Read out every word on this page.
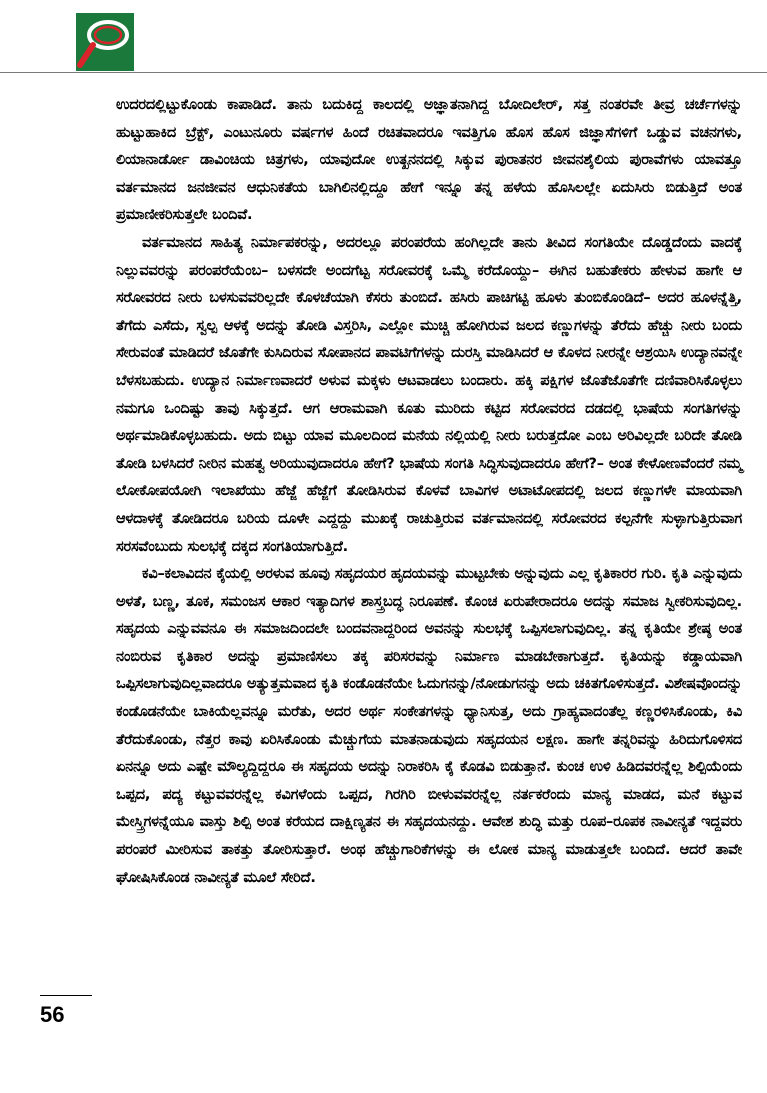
ಉದರದಲ್ಲಿಟ್ಟುಕೊಂಡು ಕಾಪಾಡಿದೆ. ತಾನು ಬದುಕಿದ್ದ ಕಾಲದಲ್ಲಿ ಅಜ್ಞಾತನಾಗಿದ್ದ ಬೋದಿಲೇರ್, ಸತ್ತ ನಂತರವೇ ತೀವ್ರ ಚರ್ಚೆಗಳನ್ನು ಹುಟ್ಟುಹಾಕಿದ ಬ್ರೆಕ್ಟ್, ಎಂಟುನೂರು ವರ್ಷಗಳ ಹಿಂದೆ ರಚಿತವಾದರೂ ಇವತ್ತಿಗೂ ಹೊಸ ಹೊಸ ಜಿಜ್ಞಾಸೆಗಳಿಗೆ ಒಡ್ಡುವ ವಚನಗಳು, ಲಿಯಾನಾರ್ಡೋ ಡಾವಿಂಚಿಯ ಚಿತ್ರಗಳು, ಯಾವುದೋ ಉತ್ಖನನದಲ್ಲಿ ಸಿಕ್ಕುವ ಪುರಾತನರ ಜೀವನಶೈಲಿಯ ಪುರಾವೆಗಳು ಯಾವತ್ತೂ ವರ್ತಮಾನದ ಜನಜೀವನ ಆಧುನಿಕತೆಯ ಬಾಗಿಲಿನಲ್ಲಿದ್ದೂ ಹೇಗೆ ಇನ್ನೂ ತನ್ನ ಹಳೆಯ ಹೊಸಿಲಲ್ಲೇ ಏದುಸಿರು ಬಿಡುತ್ತಿದೆ ಅಂತ ಪ್ರಮಾಣೀಕರಿಸುತ್ತಲೇ ಬಂದಿವೆ.

ವರ್ತಮಾನದ ಸಾಹಿತ್ಯ ನಿರ್ಮಾಪಕರನ್ನು, ಅದರಲ್ಲೂ ಪರಂಪರೆಯ ಹಂಗಿಲ್ಲದೇ ತಾನು ತೀವಿದ ಸಂಗತಿಯೇ ದೊಡ್ಡದೆಂದು ವಾದಕ್ಕೆ ನಿಲ್ಲುವವರನ್ನು ಪರಂಪರೆಯೆಂಬ– ಬಳಸದೇ ಅಂದಗೆಟ್ಟ ಸರೋವರಕ್ಕೆ ಒಮ್ಮೆ ಕರೆದೊಯ್ದು– ಈಗಿನ ಬಹುತೇಕರು ಹೇಳುವ ಹಾಗೇ ಆ ಸರೋವರದ ನೀರು ಬಳಸುವವರಿಲ್ಲದೇ ಕೊಳಚೆಯಾಗಿ ಕೆಸರು ತುಂಬಿದೆ. ಹಸಿರು ಪಾಚಿಗಟ್ಟಿ ಹೂಳು ತುಂಬಿಕೊಂಡಿದೆ– ಅದರ ಹೂಳನ್ನೆತ್ತಿ, ತೆಗೆದು ಎಸೆದು, ಸ್ವಲ್ಪ ಆಳಕ್ಕೆ ಅದನ್ನು ತೋಡಿ ವಿಸ್ತರಿಸಿ, ಎಲ್ಲೋ ಮುಚ್ಚಿ ಹೋಗಿರುವ ಜಲದ ಕಣ್ಣುಗಳನ್ನು ತೆರೆದು ಹೆಚ್ಚು ನೀರು ಬಂದು ಸೇರುವಂತೆ ಮಾಡಿದರೆ ಜೊತೆಗೇ ಕುಸಿದಿರುವ ಸೋಪಾನದ ಪಾವಟಿಗೆಗಳನ್ನು ದುರಸ್ತಿ ಮಾಡಿಸಿದರೆ ಆ ಕೊಳದ ನೀರನ್ನೇ ಆಶ್ರಯಿಸಿ ಉದ್ಯಾನವನ್ನೇ ಬೆಳಸಬಹುದು. ಉದ್ಯಾನ ನಿರ್ಮಾಣವಾದರೆ ಅಳುವ ಮಕ್ಕಳು ಆಟವಾಡಲು ಬಂದಾರು. ಹಕ್ಕಿ ಪಕ್ಷಿಗಳ ಜೊತೆಜೊತೆಗೇ ದಣಿವಾರಿಸಿಕೊಳ್ಳಲು ನಮಗೂ ಒಂದಿಷ್ಟು ತಾವು ಸಿಕ್ಕುತ್ತದೆ. ಆಗ ಆರಾಮವಾಗಿ ಕೂತು ಮುರಿದು ಕಟ್ಟಿದ ಸರೋವರದ ದಡದಲ್ಲಿ ಭಾಷೆಯ ಸಂಗತಿಗಳನ್ನು ಅರ್ಥಮಾಡಿಕೊಳ್ಳಬಹುದು. ಅದು ಬಿಟ್ಟು ಯಾವ ಮೂಲದಿಂದ ಮನೆಯ ನಲ್ಲಿಯಲ್ಲಿ ನೀರು ಬರುತ್ತದೋ ಎಂಬ ಅರಿವಿಲ್ಲದೇ ಬರಿದೇ ತೋಡಿ ತೋಡಿ ಬಳಸಿದರೆ ನೀರಿನ ಮಹತ್ವ ಅರಿಯುವುದಾದರೂ ಹೇಗೆ? ಭಾಷೆಯ ಸಂಗತಿ ಸಿದ್ಧಿಸುವುದಾದರೂ ಹೇಗೆ?– ಅಂತ ಕೇಳೋಣವೆಂದರೆ ನಮ್ಮ ಲೋಕೋಪಯೋಗಿ ಇಲಾಖೆಯು ಹೆಜ್ಜೆ ಹೆಜ್ಜೆಗೆ ತೋಡಿಸಿರುವ ಕೊಳವೆ ಬಾವಿಗಳ ಅಟಾಟೋಪದಲ್ಲಿ ಜಲದ ಕಣ್ಣುಗಳೇ ಮಾಯವಾಗಿ ಆಳದಾಳಕ್ಕೆ ತೋಡಿದರೂ ಬರಿಯ ದೂಳೇ ಎದ್ದದ್ದು ಮುಖಕ್ಕೆ ರಾಚುತ್ತಿರುವ ವರ್ತಮಾನದಲ್ಲಿ ಸರೋವರದ ಕಲ್ಪನೆಗೇ ಸುಳ್ಳಾಗುತ್ತಿರುವಾಗ ಸರಸವೆಂಬುದು ಸುಲಭಕ್ಕೆ ದಕ್ಕದ ಸಂಗತಿಯಾಗುತ್ತಿದೆ.

ಕವಿ–ಕಲಾವಿದನ ಕೈಯಲ್ಲಿ ಅರಳುವ ಹೂವು ಸಹೃದಯರ ಹೃದಯವನ್ನು ಮುಟ್ಟಬೇಕು ಅನ್ನುವುದು ಎಲ್ಲ ಕೃತಿಕಾರರ ಗುರಿ. ಕೃತಿ ಎನ್ನುವುದು ಅಳತೆ, ಬಣ್ಣ, ತೂಕ, ಸಮಂಜಸ ಆಕಾರ ಇತ್ಯಾದಿಗಳ ಶಾಸ್ತ್ರಬದ್ಧ ನಿರೂಪಣೆ. ಕೊಂಚ ಏರುಪೇರಾದರೂ ಅದನ್ನು ಸಮಾಜ ಸ್ವೀಕರಿಸುವುದಿಲ್ಲ. ಸಹೃದಯ ಎನ್ನುವವನೂ ಈ ಸಮಾಜದಿಂದಲೇ ಬಂದವನಾದ್ದರಿಂದ ಅವನನ್ನು ಸುಲಭಕ್ಕೆ ಒಪ್ಪಿಸಲಾಗುವುದಿಲ್ಲ. ತನ್ನ ಕೃತಿಯೇ ಶ್ರೇಷ್ಠ ಅಂತ ನಂಬಿರುವ ಕೃತಿಕಾರ ಅದನ್ನು ಪ್ರಮಾಣಿಸಲು ತಕ್ಕ ಪರಿಸರವನ್ನು ನಿರ್ಮಾಣ ಮಾಡಬೇಕಾಗುತ್ತದೆ. ಕೃತಿಯನ್ನು ಕಡ್ಡಾಯವಾಗಿ ಒಪ್ಪಿಸಲಾಗುವುದಿಲ್ಲವಾದರೂ ಅತ್ಯುತ್ತಮವಾದ ಕೃತಿ ಕಂಡೊಡನೆಯೇ ಓದುಗನನ್ನು/ನೋಡುಗನನ್ನು ಅದು ಚಕಿತಗೊಳಿಸುತ್ತದೆ. ವಿಶೇಷವೊಂದನ್ನು ಕಂಡೊಡನೆಯೇ ಬಾಕಿಯೆಲ್ಲವನ್ನೂ ಮರೆತು, ಅದರ ಅರ್ಥ ಸಂಕೇತಗಳನ್ನು ಧ್ಯಾನಿಸುತ್ತ, ಅದು ಗ್ರಾಹ್ಯವಾದಂತೆಲ್ಲ ಕಣ್ಣರಳಿಸಿಕೊಂಡು, ಕಿವಿ ತೆರೆದುಕೊಂಡು, ನೆತ್ತರ ಕಾವು ಏರಿಸಿಕೊಂಡು ಮೆಚ್ಚುಗೆಯ ಮಾತನಾಡುವುದು ಸಹೃದಯನ ಲಕ್ಷಣ. ಹಾಗೇ ತನ್ನರಿವನ್ನು ಹಿರಿದುಗೊಳಿಸದ ಏನನ್ನೂ ಅದು ಎಷ್ಟೇ ಮೌಲ್ಯದ್ದಿದ್ದರೂ ಈ ಸಹೃದಯ ಅದನ್ನು ನಿರಾಕರಿಸಿ ಕೈ ಕೊಡವಿ ಬಿಡುತ್ತಾನೆ. ಕುಂಚ ಉಳಿ ಹಿಡಿದವರನ್ನೆಲ್ಲ ಶಿಲ್ಪಿಯೆಂದು ಒಪ್ಪದ, ಪದ್ಯ ಕಟ್ಟುವವರನ್ನೆಲ್ಲ ಕವಿಗಳೆಂದು ಒಪ್ಪದ, ಗಿರಗಿರಿ ಬೀಳುವವರನ್ನೆಲ್ಲ ನರ್ತಕರೆಂದು ಮಾನ್ಯ ಮಾಡದ, ಮನೆ ಕಟ್ಟುವ ಮೇಸ್ತ್ರಿಗಳನ್ನೆಯೂ ವಾಸ್ತು ಶಿಲ್ಪಿ ಅಂತ ಕರೆಯದ ದಾಕ್ಷಿಣ್ಯತನ ಈ ಸಹೃದಯನದ್ದು. ಆವೇಶ ಶುದ್ಧಿ ಮತ್ತು ರೂಪ–ರೂಪಕ ನಾವೀನ್ಯತೆ ಇದ್ದವರು ಪರಂಪರೆ ಮೀರಿಸುವ ತಾಕತ್ತು ತೋರಿಸುತ್ತಾರೆ. ಅಂಥ ಹೆಚ್ಚುಗಾರಿಕೆಗಳನ್ನು ಈ ಲೋಕ ಮಾನ್ಯ ಮಾಡುತ್ತಲೇ ಬಂದಿದೆ. ಆದರೆ ತಾವೇ ಘೋಷಿಸಿಕೊಂಡ ನಾವೀನ್ಯತೆ ಮೂಲೆ ಸೇರಿದೆ.

56
